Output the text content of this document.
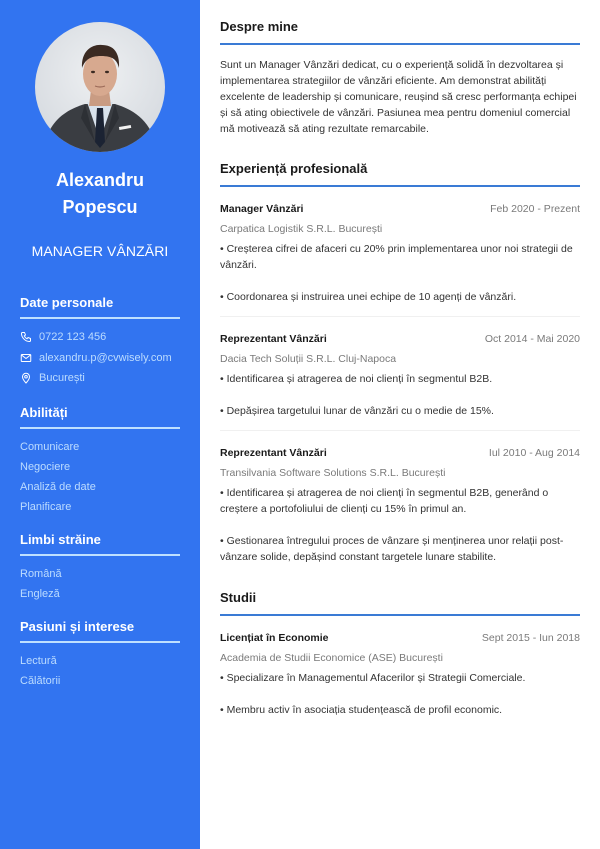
Alexandru
Popescu
MANAGER VÂNZĂRI
Date personale
0722 123 456
alexandru.p@cvwisely.com
București
Abilități
Comunicare
Negociere
Analiză de date
Planificare
Limbi străine
Română
Engleză
Pasiuni și interese
Lectură
Călătorii
Despre mine

Sunt un Manager Vânzări dedicat, cu o experiență solidă în dezvoltarea și implementarea strategiilor de vânzări eficiente. Am demonstrat abilități excelente de leadership și comunicare, reușind să cresc performanța echipei și să ating obiectivele de vânzări. Pasiunea mea pentru domeniul comercial mă motivează să ating rezultate remarcabile.

Experiență profesională
Manager Vânzări	Feb 2020 - Prezent
Carpatica Logistik S.R.L. București

• Creșterea cifrei de afaceri cu 20% prin implementarea unor noi strategii de vânzări.

• Coordonarea și instruirea unei echipe de 10 agenți de vânzări.

Reprezentant Vânzări	Oct 2014 - Mai 2020
Dacia Tech Soluții S.R.L. Cluj-Napoca

• Identificarea și atragerea de noi clienți în segmentul B2B.

• Depășirea targetului lunar de vânzări cu o medie de 15%.

Reprezentant Vânzări	Iul 2010 - Aug 2014
Transilvania Software Solutions S.R.L. București

• Identificarea și atragerea de noi clienți în segmentul B2B, generând o creștere a portofoliului de clienți cu 15% în primul an.

• Gestionarea întregului proces de vânzare și menținerea unor relații post-vânzare solide, depășind constant targetele lunare stabilite.

Studii
Licențiat în Economie	Sept 2015 - Iun 2018
Academia de Studii Economice (ASE) București

• Specializare în Managementul Afacerilor și Strategii Comerciale.

• Membru activ în asociația studențească de profil economic.
